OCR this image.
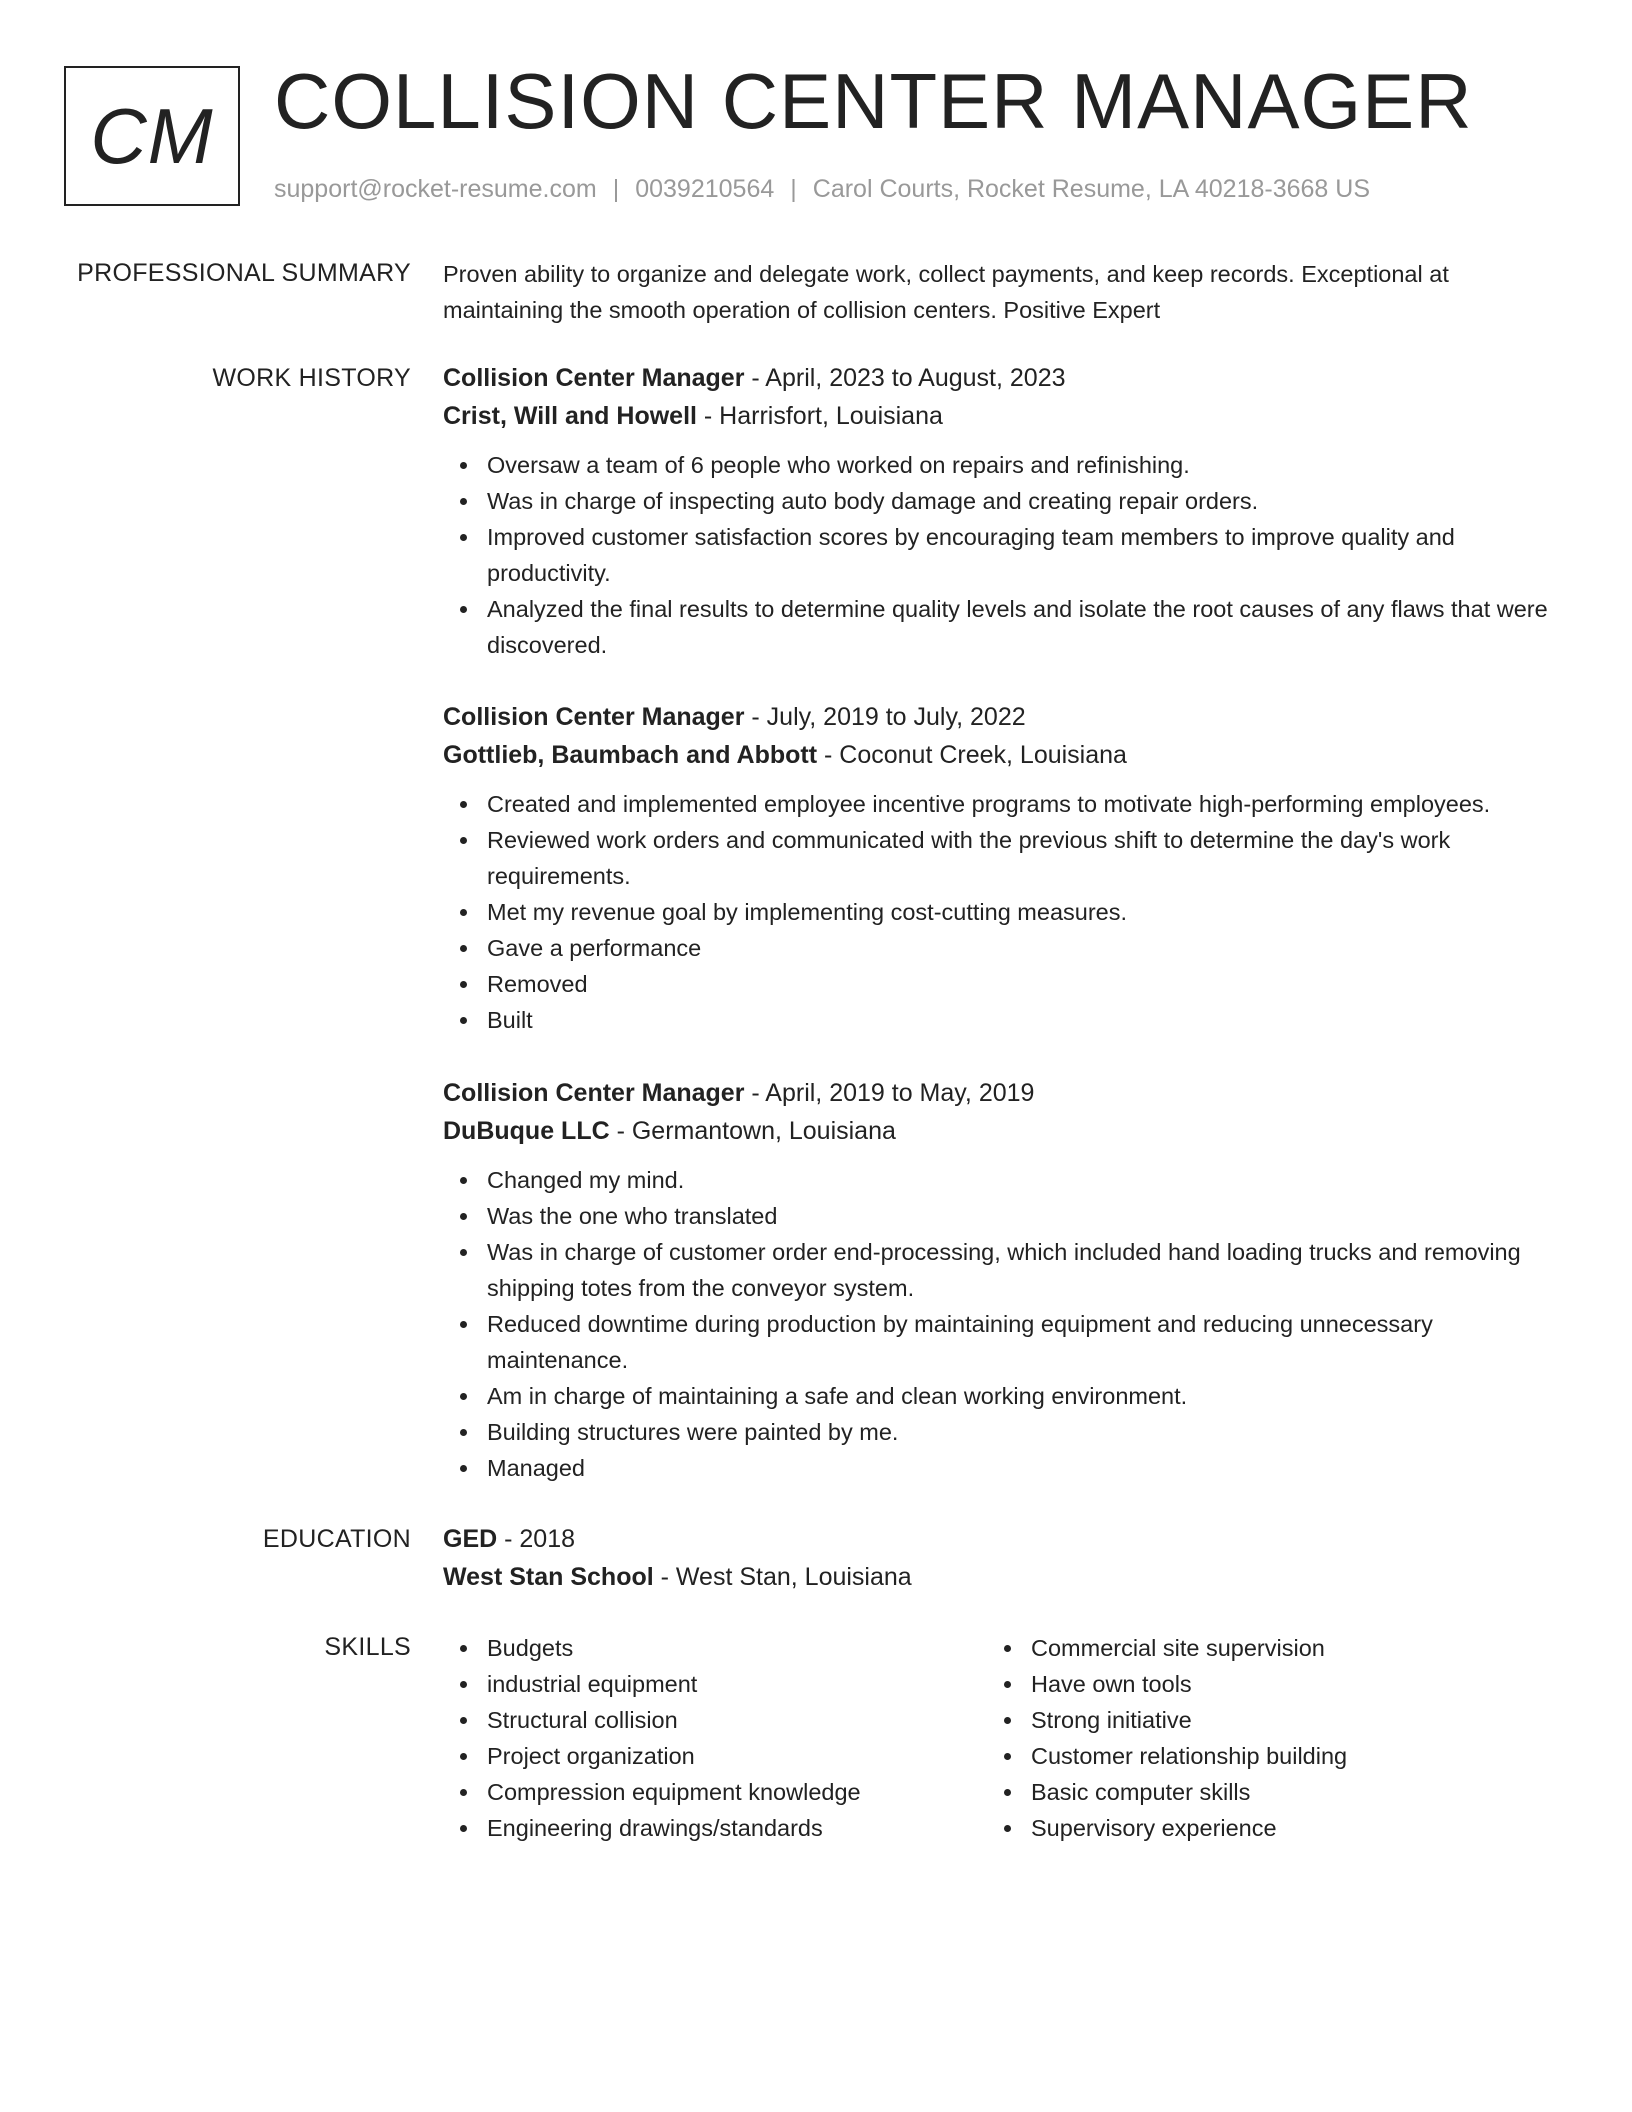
CM COLLISION CENTER MANAGER
support@rocket-resume.com | 0039210564 | Carol Courts, Rocket Resume, LA 40218-3668 US
PROFESSIONAL SUMMARY Proven ability to organize and delegate work, collect payments, and keep records. Exceptional at maintaining the smooth operation of collision centers. Positive Expert
WORK HISTORY Collision Center Manager - April, 2023 to August, 2023
Crist, Will and Howell - Harrisfort, Louisiana
Oversaw a team of 6 people who worked on repairs and refinishing.
Was in charge of inspecting auto body damage and creating repair orders.
Improved customer satisfaction scores by encouraging team members to improve quality and productivity.
Analyzed the final results to determine quality levels and isolate the root causes of any flaws that were discovered.
Collision Center Manager - July, 2019 to July, 2022
Gottlieb, Baumbach and Abbott - Coconut Creek, Louisiana
Created and implemented employee incentive programs to motivate high-performing employees.
Reviewed work orders and communicated with the previous shift to determine the day's work requirements.
Met my revenue goal by implementing cost-cutting measures.
Gave a performance
Removed
Built
Collision Center Manager - April, 2019 to May, 2019
DuBuque LLC - Germantown, Louisiana
Changed my mind.
Was the one who translated
Was in charge of customer order end-processing, which included hand loading trucks and removing shipping totes from the conveyor system.
Reduced downtime during production by maintaining equipment and reducing unnecessary maintenance.
Am in charge of maintaining a safe and clean working environment.
Building structures were painted by me.
Managed
EDUCATION GED - 2018
West Stan School - West Stan, Louisiana
SKILLS	Budgets
industrial equipment
Structural collision
Project organization
Compression equipment knowledge
Engineering drawings/standards
Commercial site supervision
Have own tools
Strong initiative
Customer relationship building
Basic computer skills
Supervisory experience
